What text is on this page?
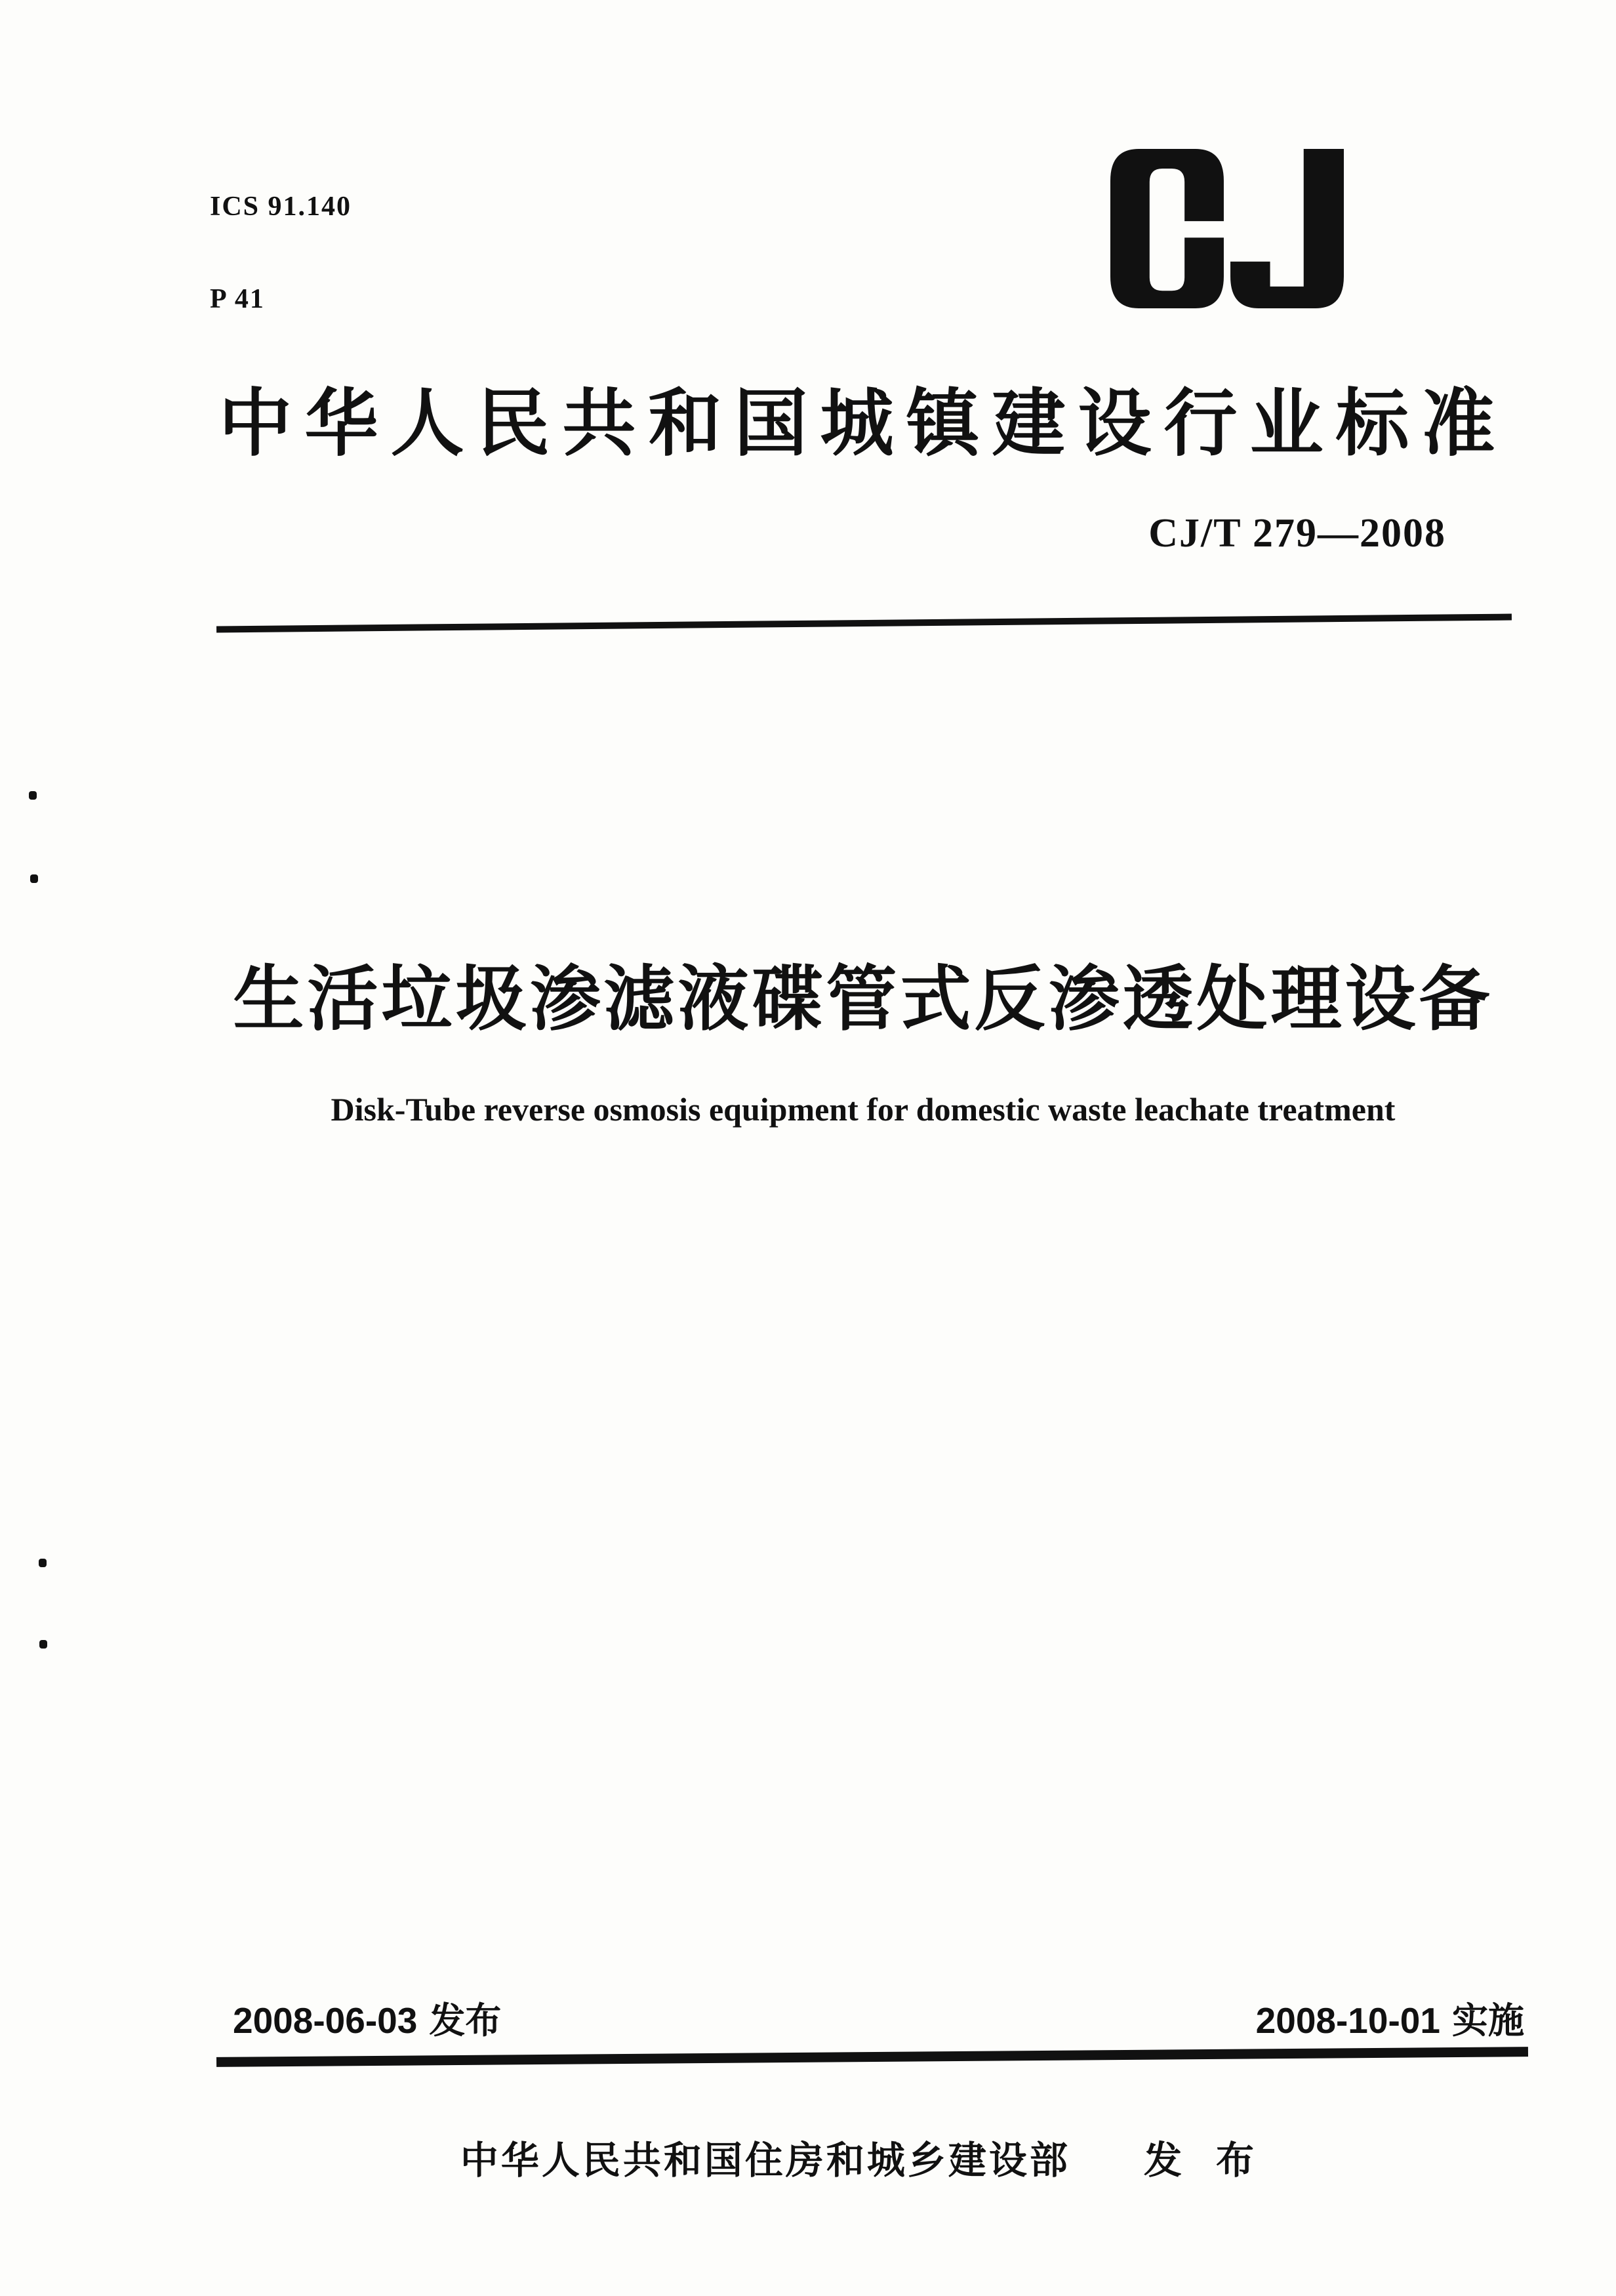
ICS 91.140

P 41

中华人民共和国城镇建设行业标准
CJ/T 279—2008
生活垃圾渗滤液碟管式反渗透处理设备
Disk-Tube reverse osmosis equipment for domestic waste leachate treatment
2008-06-03 发布	2008-10-01 实施
中华人民共和国住房和城乡建设部 发 布
